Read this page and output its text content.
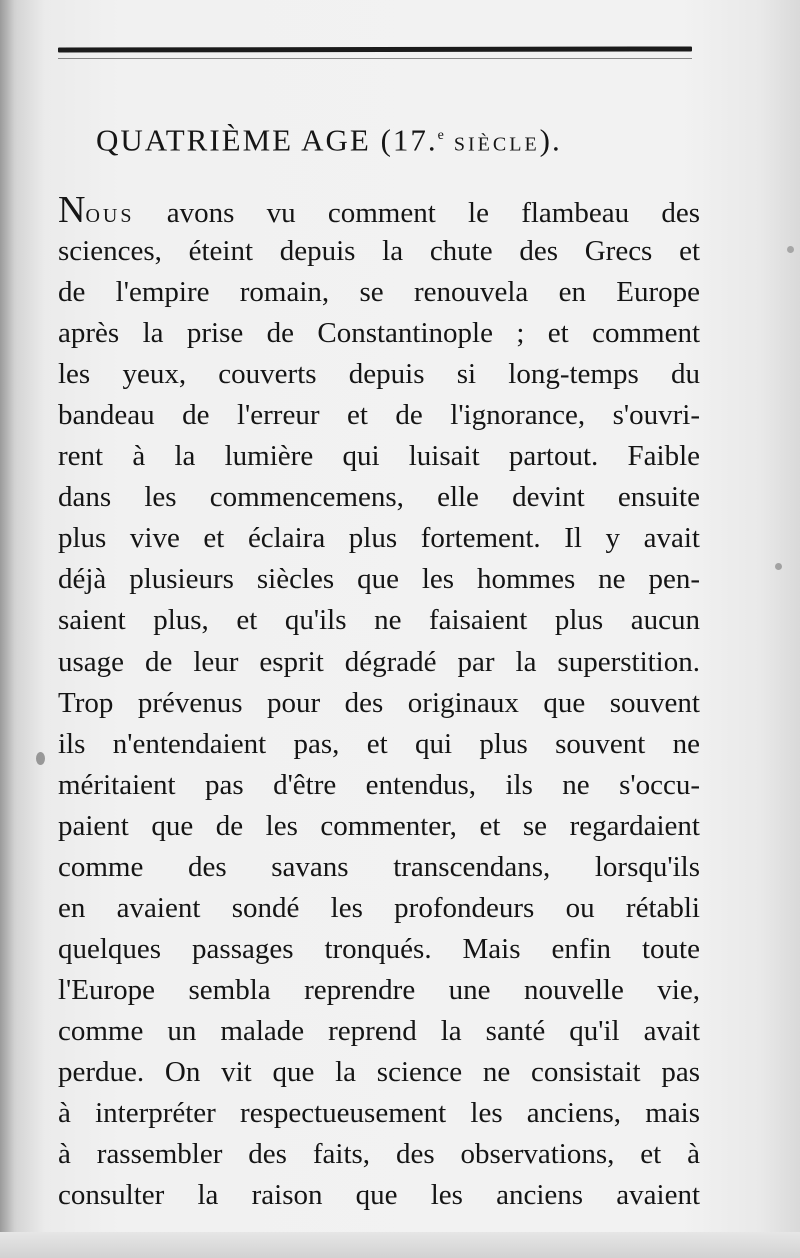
QUATRIÈME AGE (17.$^e$ SIÈCLE).
NOUS avons vu comment le flambeau des
sciences, éteint depuis la chute des Grecs et
de l'empire romain, se renouvela en Europe
après la prise de Constantinople ; et comment
les yeux, couverts depuis si long-temps du
bandeau de l'erreur et de l'ignorance, s'ouvri-
rent à la lumière qui luisait partout. Faible
dans les commencemens, elle devint ensuite
plus vive et éclaira plus fortement. Il y avait
déjà plusieurs siècles que les hommes ne pen-
saient plus, et qu'ils ne faisaient plus aucun
usage de leur esprit dégradé par la superstition.
Trop prévenus pour des originaux que souvent
ils n'entendaient pas, et qui plus souvent ne
méritaient pas d'être entendus, ils ne s'occu-
paient que de les commenter, et se regardaient
comme des savans transcendans, lorsqu'ils
en avaient sondé les profondeurs ou rétabli
quelques passages tronqués. Mais enfin toute
l'Europe sembla reprendre une nouvelle vie,
comme un malade reprend la santé qu'il avait
perdue. On vit que la science ne consistait pas
à interpréter respectueusement les anciens, mais
à rassembler des faits, des observations, et à
consulter la raison que les anciens avaient
